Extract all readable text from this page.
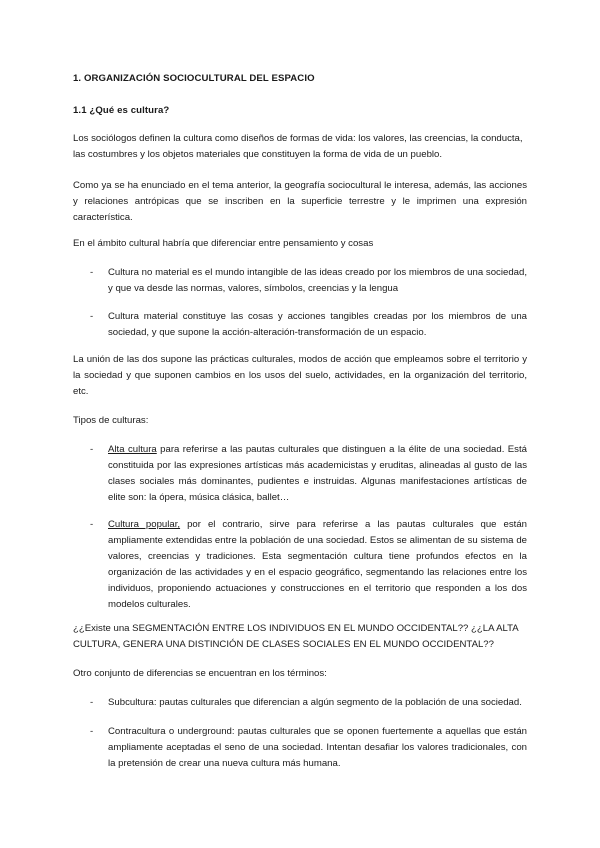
1. ORGANIZACIÓN SOCIOCULTURAL DEL ESPACIO
1.1 ¿Qué es cultura?
Los sociólogos definen la cultura como diseños de formas de vida: los valores, las creencias, la conducta, las costumbres y los objetos materiales que constituyen la forma de vida de un pueblo.
Como ya se ha enunciado en el tema anterior, la geografía sociocultural le interesa, además, las acciones y relaciones antrópicas que se inscriben en la superficie terrestre y le imprimen una expresión característica.
En el ámbito cultural habría que diferenciar entre pensamiento y cosas
-	Cultura no material es el mundo intangible de las ideas creado por los miembros de una sociedad, y que va desde las normas, valores, símbolos, creencias y la lengua
-	Cultura material constituye las cosas y acciones tangibles creadas por los miembros de una sociedad, y que supone la acción-alteración-transformación de un espacio.
La unión de las dos supone las prácticas culturales, modos de acción que empleamos sobre el territorio y la sociedad y que suponen cambios en los usos del suelo, actividades, en la organización del territorio, etc.
Tipos de culturas:
-	Alta cultura para referirse a las pautas culturales que distinguen a la élite de una sociedad. Está constituida por las expresiones artísticas más academicistas y eruditas, alineadas al gusto de las clases sociales más dominantes, pudientes e instruidas. Algunas manifestaciones artísticas de elite son: la ópera, música clásica, ballet…
-	Cultura popular, por el contrario, sirve para referirse a las pautas culturales que están ampliamente extendidas entre la población de una sociedad. Estos se alimentan de su sistema de valores, creencias y tradiciones. Esta segmentación cultura tiene profundos efectos en la organización de las actividades y en el espacio geográfico, segmentando las relaciones entre los individuos, proponiendo actuaciones y construcciones en el territorio que responden a los dos modelos culturales.
¿¿Existe una SEGMENTACIÓN ENTRE LOS INDIVIDUOS EN EL MUNDO OCCIDENTAL?? ¿¿LA ALTA CULTURA, GENERA UNA DISTINCIÓN DE CLASES SOCIALES EN EL MUNDO OCCIDENTAL??
Otro conjunto de diferencias se encuentran en los términos:
-	Subcultura: pautas culturales que diferencian a algún segmento de la población de una sociedad.
-	Contracultura o underground: pautas culturales que se oponen fuertemente a aquellas que están ampliamente aceptadas el seno de una sociedad. Intentan desafiar los valores tradicionales, con la pretensión de crear una nueva cultura más humana.
